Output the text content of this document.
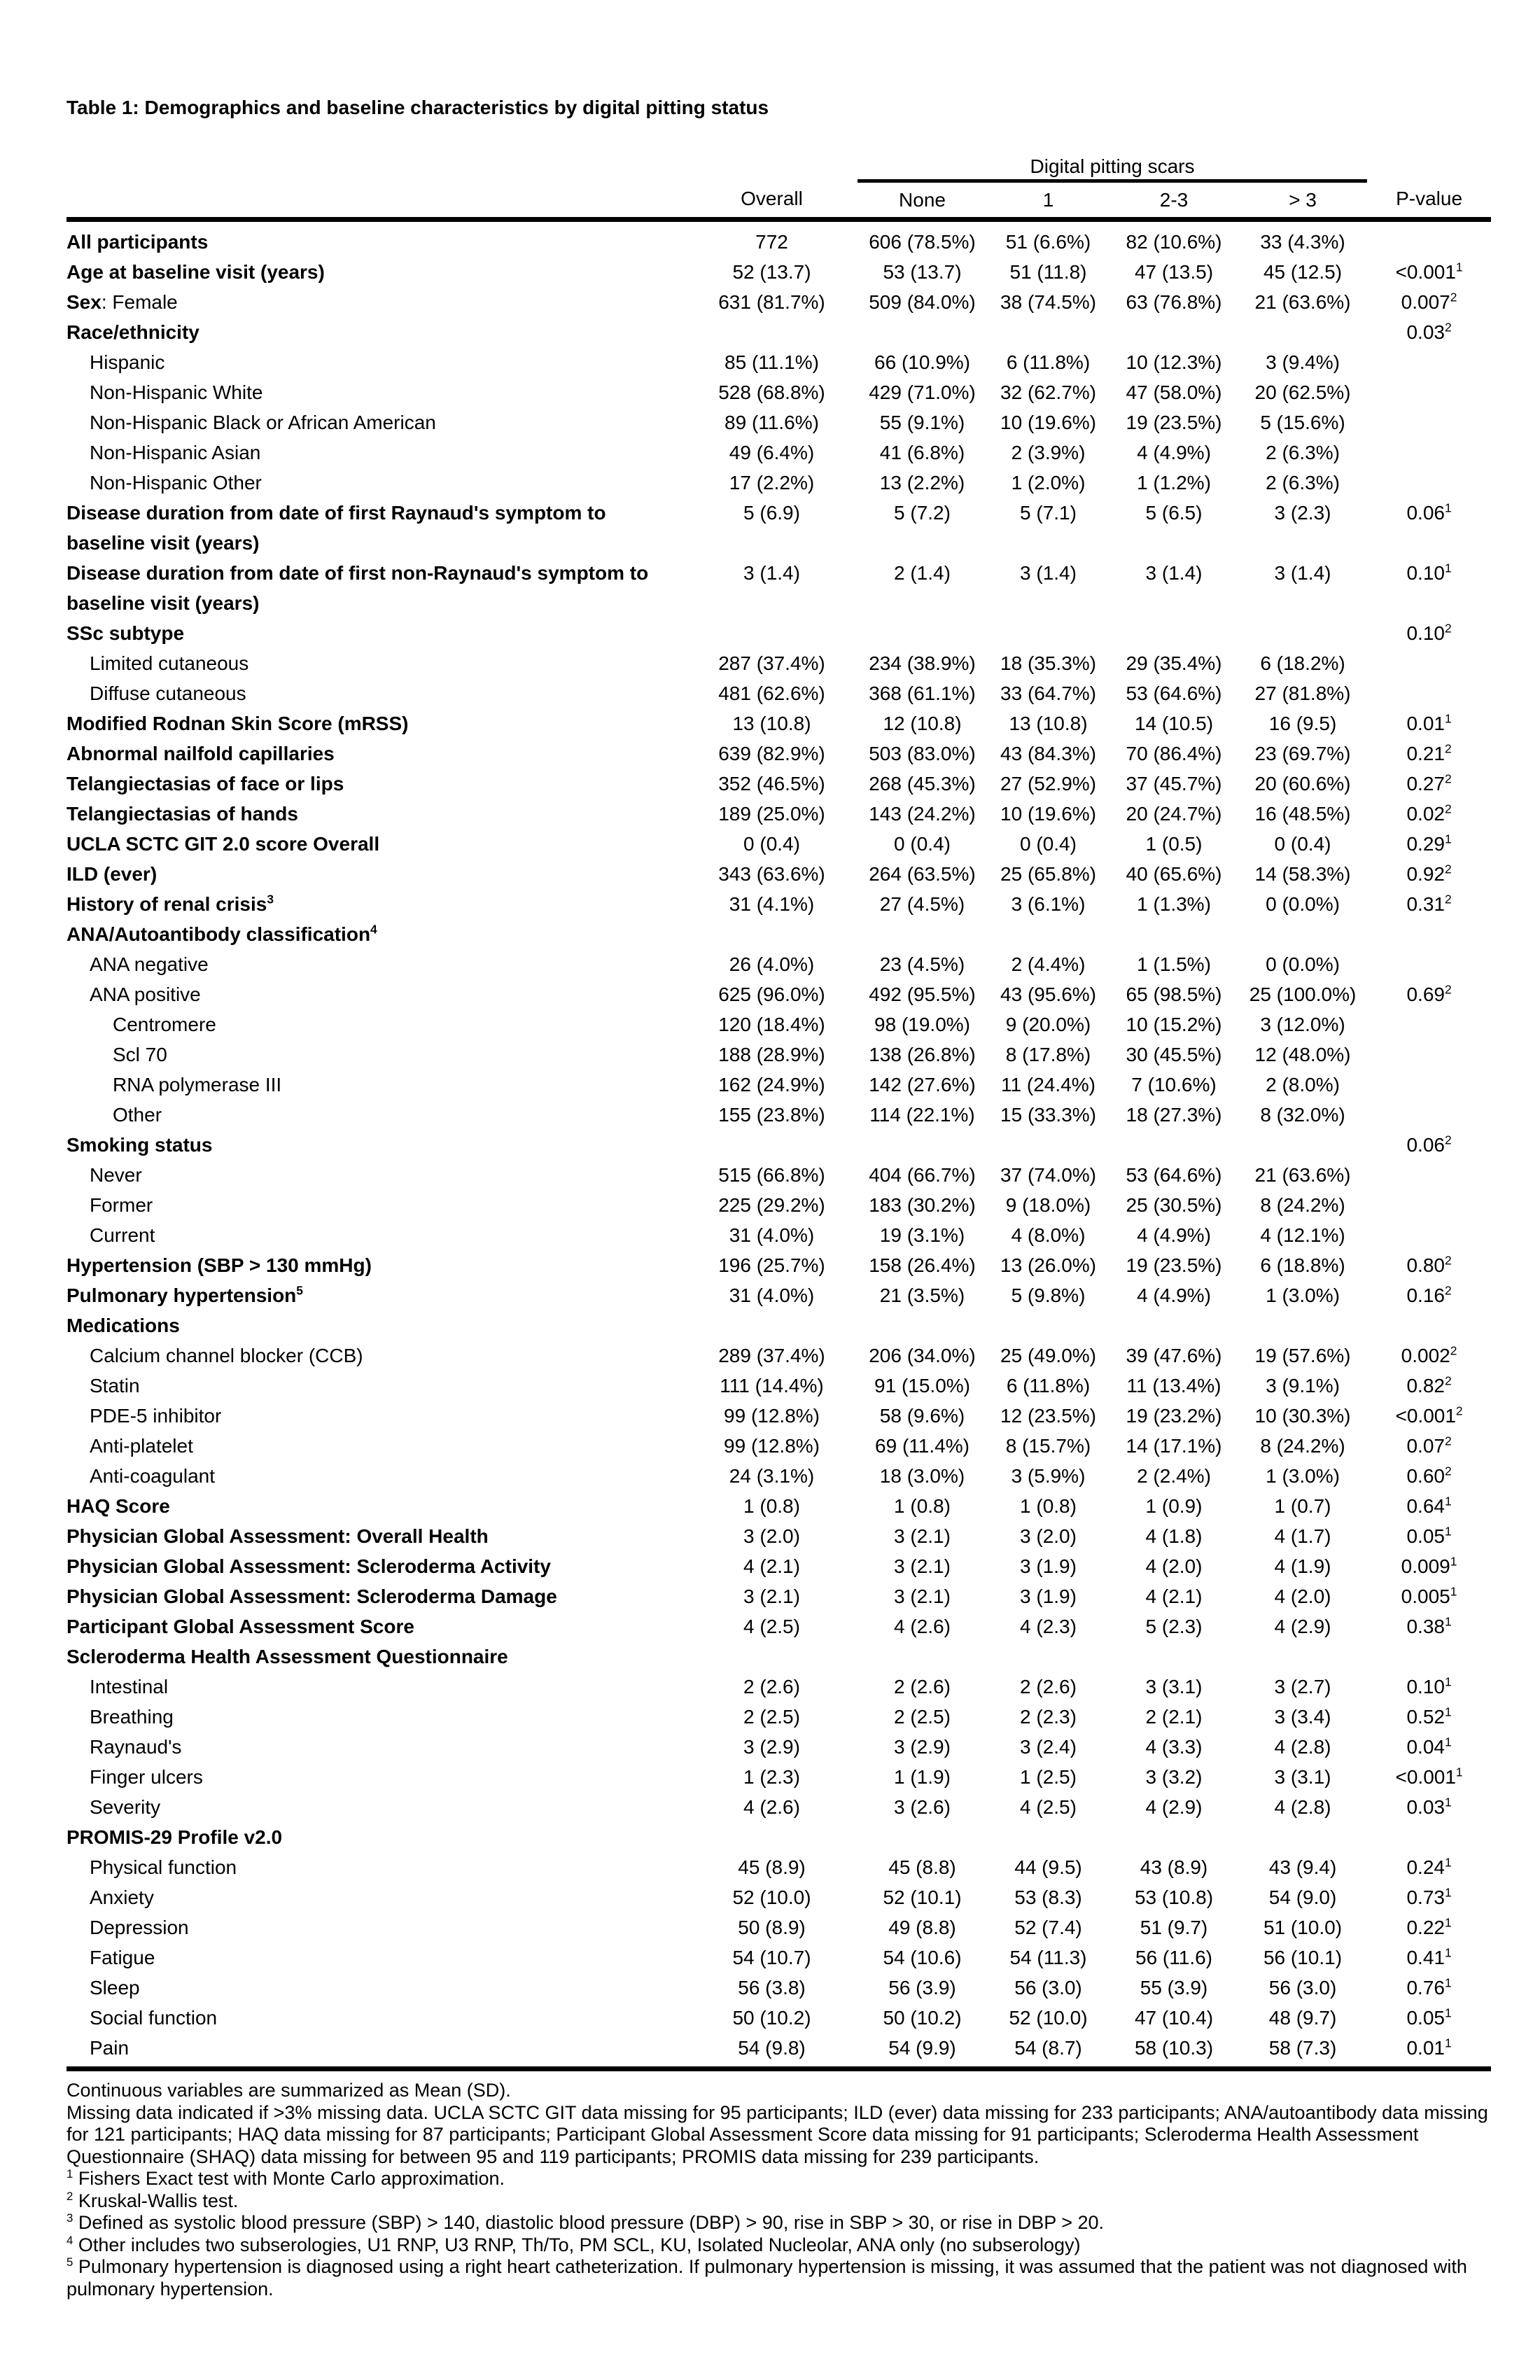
Table 1: Demographics and baseline characteristics by digital pitting status
		Digital pitting scars				
	Overall	None	1	2-3	> 3	P-value
All participants	772	606 (78.5%)	51 (6.6%)	82 (10.6%)	33 (4.3%)	
Age at baseline visit (years)	52 (13.7)	53 (13.7)	51 (11.8)	47 (13.5)	45 (12.5)	$<0.001^1$
Sex: Female	631 (81.7%)	509 (84.0%)	38 (74.5%)	63 (76.8%)	21 (63.6%)	0.007$^2$
Race/ethnicity						0.03$^2$
Hispanic	85 (11.1%)	66 (10.9%)	6 (11.8%)	10 (12.3%)	3 (9.4%)	
Non-Hispanic White	528 (68.8%)	429 (71.0%)	32 (62.7%)	47 (58.0%)	20 (62.5%)	
Non-Hispanic Black or African American	89 (11.6%)	55 (9.1%)	10 (19.6%)	19 (23.5%)	5 (15.6%)	
Non-Hispanic Asian	49 (6.4%)	41 (6.8%)	2 (3.9%)	4 (4.9%)	2 (6.3%)	
Non-Hispanic Other	17 (2.2%)	13 (2.2%)	1 (2.0%)	1 (1.2%)	2 (6.3%)	
Disease duration from date of first Raynaud's symptom to baseline visit (years)	5 (6.9)	5 (7.2)	5 (7.1)	5 (6.5)	3 (2.3)	0.06$^1$
Disease duration from date of first non-Raynaud's symptom to baseline visit (years)	3 (1.4)	2 (1.4)	3 (1.4)	3 (1.4)	3 (1.4)	0.10$^1$
SSc subtype						0.10$^2$
Limited cutaneous	287 (37.4%)	234 (38.9%)	18 (35.3%)	29 (35.4%)	6 (18.2%)	
Diffuse cutaneous	481 (62.6%)	368 (61.1%)	33 (64.7%)	53 (64.6%)	27 (81.8%)	
Modified Rodnan Skin Score (mRSS)	13 (10.8)	12 (10.8)	13 (10.8)	14 (10.5)	16 (9.5)	0.01$^1$
Abnormal nailfold capillaries	639 (82.9%)	503 (83.0%)	43 (84.3%)	70 (86.4%)	23 (69.7%)	0.21$^2$
Telangiectasias of face or lips	352 (46.5%)	268 (45.3%)	27 (52.9%)	37 (45.7%)	20 (60.6%)	0.27$^2$
Telangiectasias of hands	189 (25.0%)	143 (24.2%)	10 (19.6%)	20 (24.7%)	16 (48.5%)	0.02$^2$
UCLA SCTC GIT 2.0 score Overall	0 (0.4)	0 (0.4)	0 (0.4)	1 (0.5)	0 (0.4)	0.29$^1$
ILD (ever)	343 (63.6%)	264 (63.5%)	25 (65.8%)	40 (65.6%)	14 (58.3%)	0.92$^2$
History of renal crisis$^3$	31 (4.1%)	27 (4.5%)	3 (6.1%)	1 (1.3%)	0 (0.0%)	0.31$^2$
ANA/Autoantibody classification$^4$						
ANA negative	26 (4.0%)	23 (4.5%)	2 (4.4%)	1 (1.5%)	0 (0.0%)	
ANA positive	625 (96.0%)	492 (95.5%)	43 (95.6%)	65 (98.5%)	25 (100.0%)	0.69$^2$
Centromere	120 (18.4%)	98 (19.0%)	9 (20.0%)	10 (15.2%)	3 (12.0%)	
Scl 70	188 (28.9%)	138 (26.8%)	8 (17.8%)	30 (45.5%)	12 (48.0%)	
RNA polymerase III	162 (24.9%)	142 (27.6%)	11 (24.4%)	7 (10.6%)	2 (8.0%)	
Other	155 (23.8%)	114 (22.1%)	15 (33.3%)	18 (27.3%)	8 (32.0%)	
Smoking status						0.06$^2$
Never	515 (66.8%)	404 (66.7%)	37 (74.0%)	53 (64.6%)	21 (63.6%)	
Former	225 (29.2%)	183 (30.2%)	9 (18.0%)	25 (30.5%)	8 (24.2%)	
Current	31 (4.0%)	19 (3.1%)	4 (8.0%)	4 (4.9%)	4 (12.1%)	
Hypertension (SBP > 130 mmHg)	196 (25.7%)	158 (26.4%)	13 (26.0%)	19 (23.5%)	6 (18.8%)	0.80$^2$
Pulmonary hypertension$^5$	31 (4.0%)	21 (3.5%)	5 (9.8%)	4 (4.9%)	1 (3.0%)	0.16$^2$
Medications						
Calcium channel blocker (CCB)	289 (37.4%)	206 (34.0%)	25 (49.0%)	39 (47.6%)	19 (57.6%)	0.002$^2$
Statin	111 (14.4%)	91 (15.0%)	6 (11.8%)	11 (13.4%)	3 (9.1%)	0.82$^2$
PDE-5 inhibitor	99 (12.8%)	58 (9.6%)	12 (23.5%)	19 (23.2%)	10 (30.3%)	$<0.001^2$
Anti-platelet	99 (12.8%)	69 (11.4%)	8 (15.7%)	14 (17.1%)	8 (24.2%)	0.07$^2$
Anti-coagulant	24 (3.1%)	18 (3.0%)	3 (5.9%)	2 (2.4%)	1 (3.0%)	0.60$^2$
HAQ Score	1 (0.8)	1 (0.8)	1 (0.8)	1 (0.9)	1 (0.7)	0.64$^1$
Physician Global Assessment: Overall Health	3 (2.0)	3 (2.1)	3 (2.0)	4 (1.8)	4 (1.7)	0.05$^1$
Physician Global Assessment: Scleroderma Activity	4 (2.1)	3 (2.1)	3 (1.9)	4 (2.0)	4 (1.9)	0.009$^1$
Physician Global Assessment: Scleroderma Damage	3 (2.1)	3 (2.1)	3 (1.9)	4 (2.1)	4 (2.0)	0.005$^1$
Participant Global Assessment Score	4 (2.5)	4 (2.6)	4 (2.3)	5 (2.3)	4 (2.9)	0.38$^1$
Scleroderma Health Assessment Questionnaire						
Intestinal	2 (2.6)	2 (2.6)	2 (2.6)	3 (3.1)	3 (2.7)	0.10$^1$
Breathing	2 (2.5)	2 (2.5)	2 (2.3)	2 (2.1)	3 (3.4)	0.52$^1$
Raynaud's	3 (2.9)	3 (2.9)	3 (2.4)	4 (3.3)	4 (2.8)	0.04$^1$
Finger ulcers	1 (2.3)	1 (1.9)	1 (2.5)	3 (3.2)	3 (3.1)	$<0.001^1$
Severity	4 (2.6)	3 (2.6)	4 (2.5)	4 (2.9)	4 (2.8)	0.03$^1$
PROMIS-29 Profile v2.0						
Physical function	45 (8.9)	45 (8.8)	44 (9.5)	43 (8.9)	43 (9.4)	0.24$^1$
Anxiety	52 (10.0)	52 (10.1)	53 (8.3)	53 (10.8)	54 (9.0)	0.73$^1$
Depression	50 (8.9)	49 (8.8)	52 (7.4)	51 (9.7)	51 (10.0)	0.22$^1$
Fatigue	54 (10.7)	54 (10.6)	54 (11.3)	56 (11.6)	56 (10.1)	0.41$^1$
Sleep	56 (3.8)	56 (3.9)	56 (3.0)	55 (3.9)	56 (3.0)	0.76$^1$
Social function	50 (10.2)	50 (10.2)	52 (10.0)	47 (10.4)	48 (9.7)	0.05$^1$
Pain	54 (9.8)	54 (9.9)	54 (8.7)	58 (10.3)	58 (7.3)	0.01$^1$
Continuous variables are summarized as Mean (SD).
Missing data indicated if >3% missing data. UCLA SCTC GIT data missing for 95 participants; ILD (ever) data missing for 233 participants; ANA/autoantibody data missing for 121 participants; HAQ data missing for 87 participants; Participant Global Assessment Score data missing for 91 participants; Scleroderma Health Assessment Questionnaire (SHAQ) data missing for between 95 and 119 participants; PROMIS data missing for 239 participants.
$^1$ Fishers Exact test with Monte Carlo approximation.
$^2$ Kruskal-Wallis test.
$^3$ Defined as systolic blood pressure (SBP) > 140, diastolic blood pressure (DBP) > 90, rise in SBP > 30, or rise in DBP > 20.
$^4$ Other includes two subserologies, U1 RNP, U3 RNP, Th/To, PM SCL, KU, Isolated Nucleolar, ANA only (no subserology)
$^5$ Pulmonary hypertension is diagnosed using a right heart catheterization. If pulmonary hypertension is missing, it was assumed that the patient was not diagnosed with pulmonary hypertension.
